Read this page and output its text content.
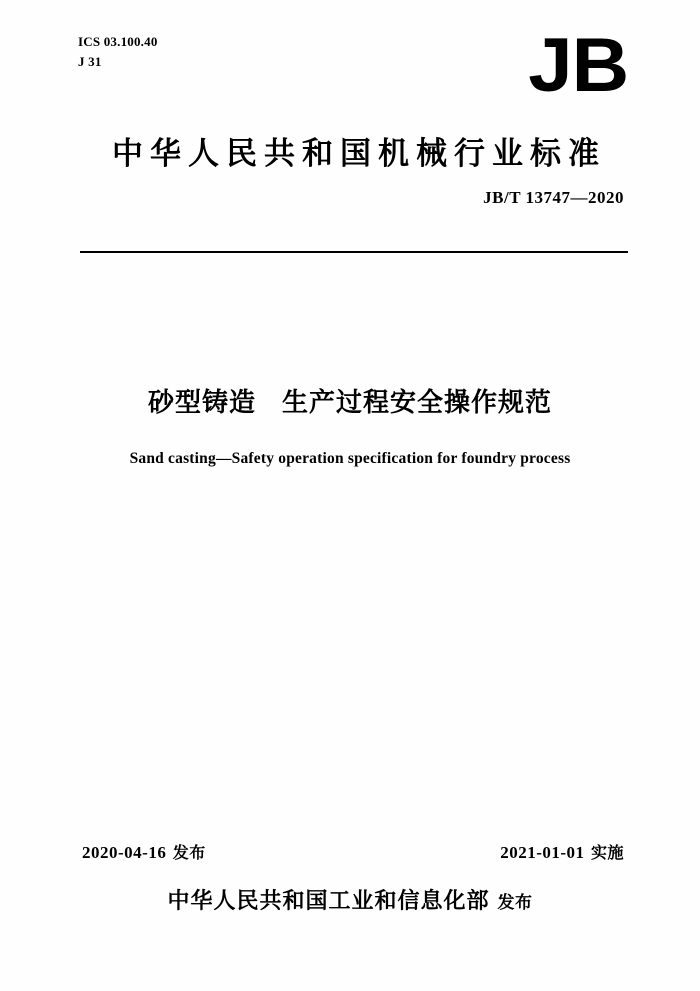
ICS 03.100.40
J 31	JB
中华人民共和国机械行业标准
JB/T 13747—2020
砂型铸造 生产过程安全操作规范
Sand casting—Safety operation specification for foundry process
2020-04-16 发布	2021-01-01 实施
中华人民共和国工业和信息化部 发布
